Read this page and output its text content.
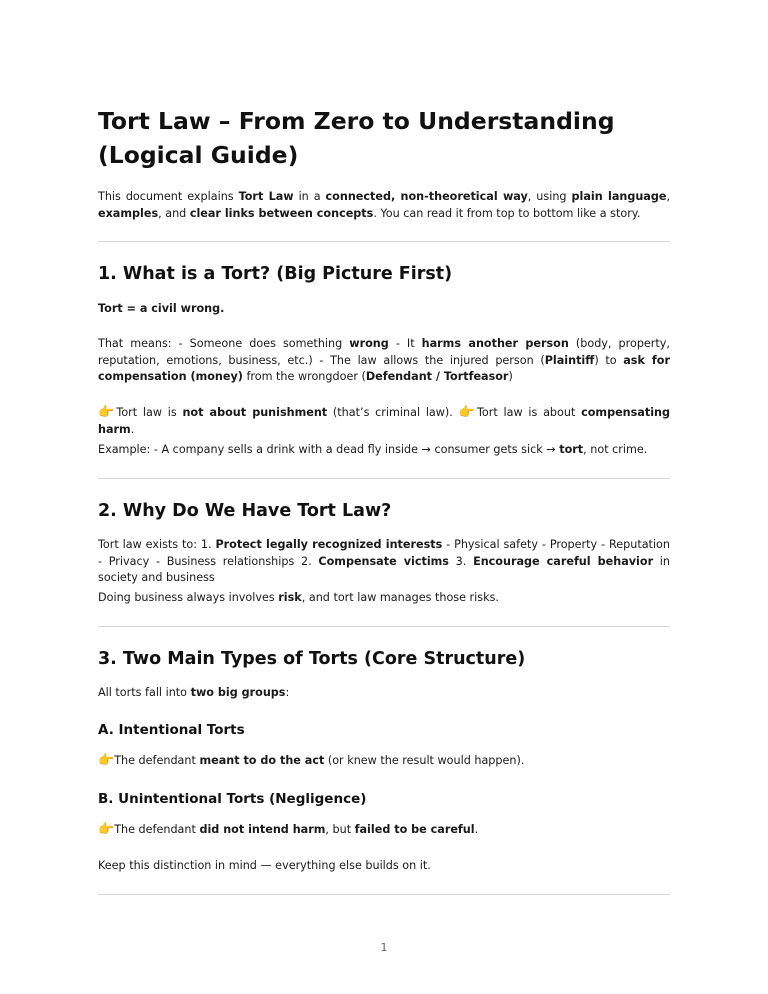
Tort Law – From Zero to Understanding (Logical Guide)

This document explains Tort Law in a connected, non-theoretical way, using plain language, examples, and clear links between concepts. You can read it from top to bottom like a story.

1. What is a Tort? (Big Picture First)

Tort = a civil wrong.

That means: - Someone does something wrong - It harms another person (body, property, reputation, emotions, business, etc.) - The law allows the injured person (Plaintiff) to ask for compensation (money) from the wrongdoer (Defendant / Tortfeasor)

👉Tort law is not about punishment (that’s criminal law). 👉Tort law is about compensating harm.

Example: - A company sells a drink with a dead fly inside → consumer gets sick → tort, not crime.

2. Why Do We Have Tort Law?

Tort law exists to: 1. Protect legally recognized interests - Physical safety - Property - Reputation - Privacy - Business relationships 2. Compensate victims 3. Encourage careful behavior in society and business

Doing business always involves risk, and tort law manages those risks.

3. Two Main Types of Torts (Core Structure)

All torts fall into two big groups:

A. Intentional Torts

👉The defendant meant to do the act (or knew the result would happen).

B. Unintentional Torts (Negligence)

👉The defendant did not intend harm, but failed to be careful.

Keep this distinction in mind — everything else builds on it.

1
